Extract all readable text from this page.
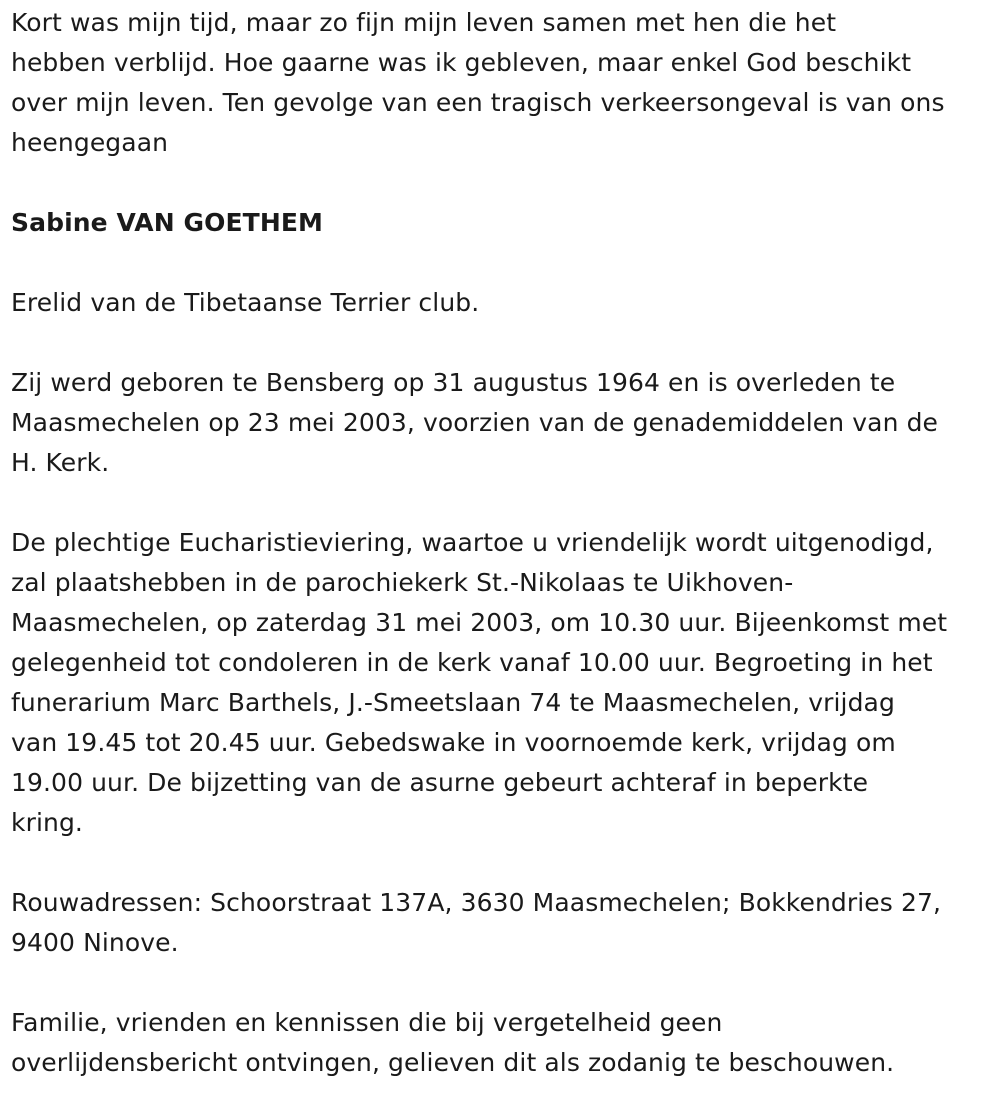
Kort was mijn tijd, maar zo fijn mijn leven samen met hen die het
hebben verblijd. Hoe gaarne was ik gebleven, maar enkel God beschikt
over mijn leven. Ten gevolge van een tragisch verkeersongeval is van ons
heengegaan
Sabine VAN GOETHEM
Erelid van de Tibetaanse Terrier club.
Zij werd geboren te Bensberg op 31 augustus 1964 en is overleden te
Maasmechelen op 23 mei 2003, voorzien van de genademiddelen van de
H. Kerk.
De plechtige Eucharistieviering, waartoe u vriendelijk wordt uitgenodigd,
zal plaatshebben in de parochiekerk St.-Nikolaas te Uikhoven-
Maasmechelen, op zaterdag 31 mei 2003, om 10.30 uur. Bijeenkomst met
gelegenheid tot condoleren in de kerk vanaf 10.00 uur. Begroeting in het
funerarium Marc Barthels, J.-Smeetslaan 74 te Maasmechelen, vrijdag
van 19.45 tot 20.45 uur. Gebedswake in voornoemde kerk, vrijdag om
19.00 uur. De bijzetting van de asurne gebeurt achteraf in beperkte
kring.
Rouwadressen: Schoorstraat 137A, 3630 Maasmechelen; Bokkendries 27,
9400 Ninove.
Familie, vrienden en kennissen die bij vergetelheid geen
overlijdensbericht ontvingen, gelieven dit als zodanig te beschouwen.
